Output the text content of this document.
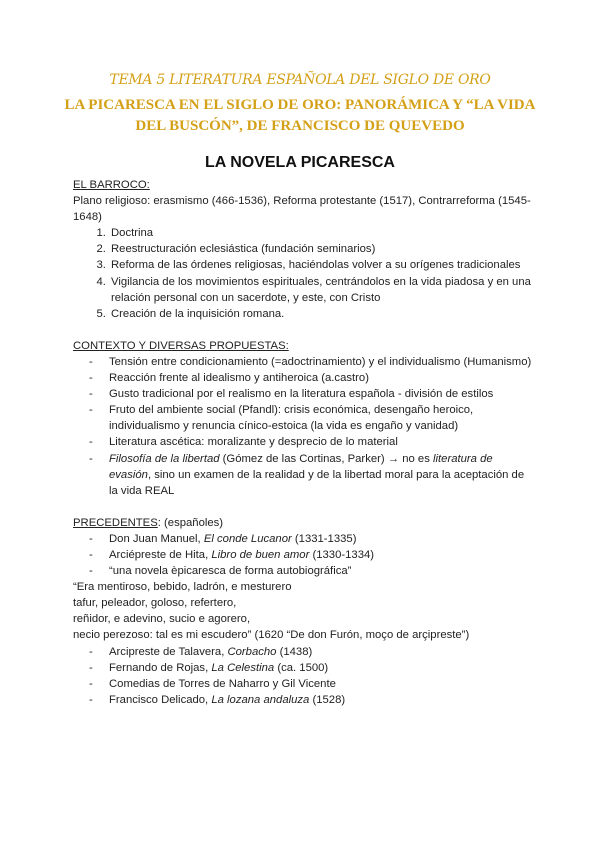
TEMA 5 LITERATURA ESPAÑOLA DEL SIGLO DE ORO
LA PICARESCA EN EL SIGLO DE ORO: PANORÁMICA Y “LA VIDA DEL BUSCÓN”, DE FRANCISCO DE QUEVEDO
LA NOVELA PICARESCA

EL BARROCO:

Plano religioso: erasmismo (466-1536), Reforma protestante (1517), Contrarreforma (1545-1648)

1. Doctrina
2. Reestructuración eclesiástica (fundación seminarios)
3. Reforma de las órdenes religiosas, haciéndolas volver a su orígenes tradicionales
4. Vigilancia de los movimientos espirituales, centrándolos en la vida piadosa y en una relación personal con un sacerdote, y este, con Cristo
5. Creación de la inquisición romana.

CONTEXTO Y DIVERSAS PROPUESTAS:

- Tensión entre condicionamiento (=adoctrinamiento) y el individualismo (Humanismo)
- Reacción frente al idealismo y antiheroica (a.castro)
- Gusto tradicional por el realismo en la literatura española - división de estilos
- Fruto del ambiente social (Pfandl): crisis económica, desengaño heroico, individualismo y renuncia cínico-estoica (la vida es engaño y vanidad)
- Literatura ascética: moralizante y desprecio de lo material
- Filosofía de la libertad (Gómez de las Cortinas, Parker) → no es literatura de evasión, sino un examen de la realidad y de la libertad moral para la aceptación de la vida REAL

PRECEDENTES: (españoles)

- Don Juan Manuel, El conde Lucanor (1331-1335)
- Arciépreste de Hita, Libro de buen amor (1330-1334)
- “una novela èpicaresca de forma autobiográfica”

“Era mentiroso, bebido, ladrón, e mesturero

tafur, peleador, goloso, refertero,

reñidor, e adevino, sucio e agorero,

necio perezoso: tal es mi escudero” (1620 “De don Furón, moço de arçipreste”)

- Arcipreste de Talavera, Corbacho (1438)
- Fernando de Rojas, La Celestina (ca. 1500)
- Comedias de Torres de Naharro y Gil Vicente
- Francisco Delicado, La lozana andaluza (1528)
